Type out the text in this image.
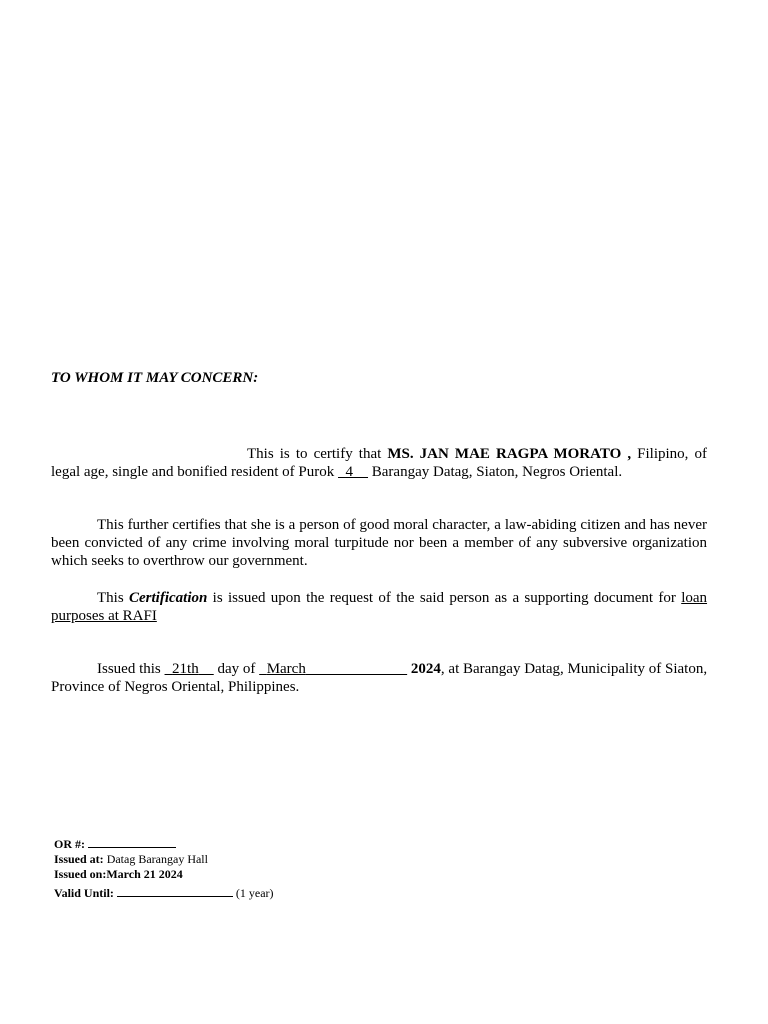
TO WHOM IT MAY CONCERN:
This is to certify that MS. JAN MAE RAGPA MORATO , Filipino, of legal age, single and bonified resident of Purok 4 Barangay Datag, Siaton, Negros Oriental.
This further certifies that she is a person of good moral character, a law-abiding citizen and has never been convicted of any crime involving moral turpitude nor been a member of any subversive organization which seeks to overthrow our government.
This Certification is issued upon the request of the said person as a supporting document for loan purposes at RAFI
Issued this 21th day of March	2024, at Barangay Datag, Municipality of Siaton, Province of Negros Oriental, Philippines.
OR #:
Issued at: Datag Barangay Hall
Issued on:March 21 2024
Valid Until:	(1 year)
